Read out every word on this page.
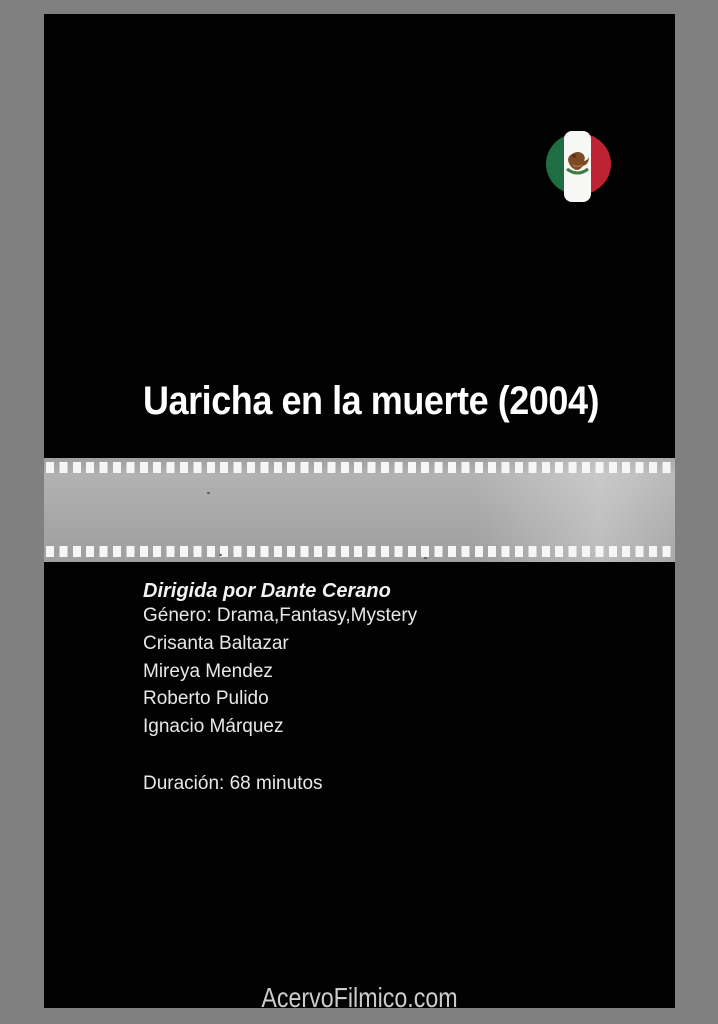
Uaricha en la muerte (2004)

Dirigida por Dante Cerano

Género: Drama,Fantasy,Mystery

Crisanta Baltazar

Mireya Mendez

Roberto Pulido

Ignacio Márquez

Duración: 68 minutos

AcervoFilmico.com
